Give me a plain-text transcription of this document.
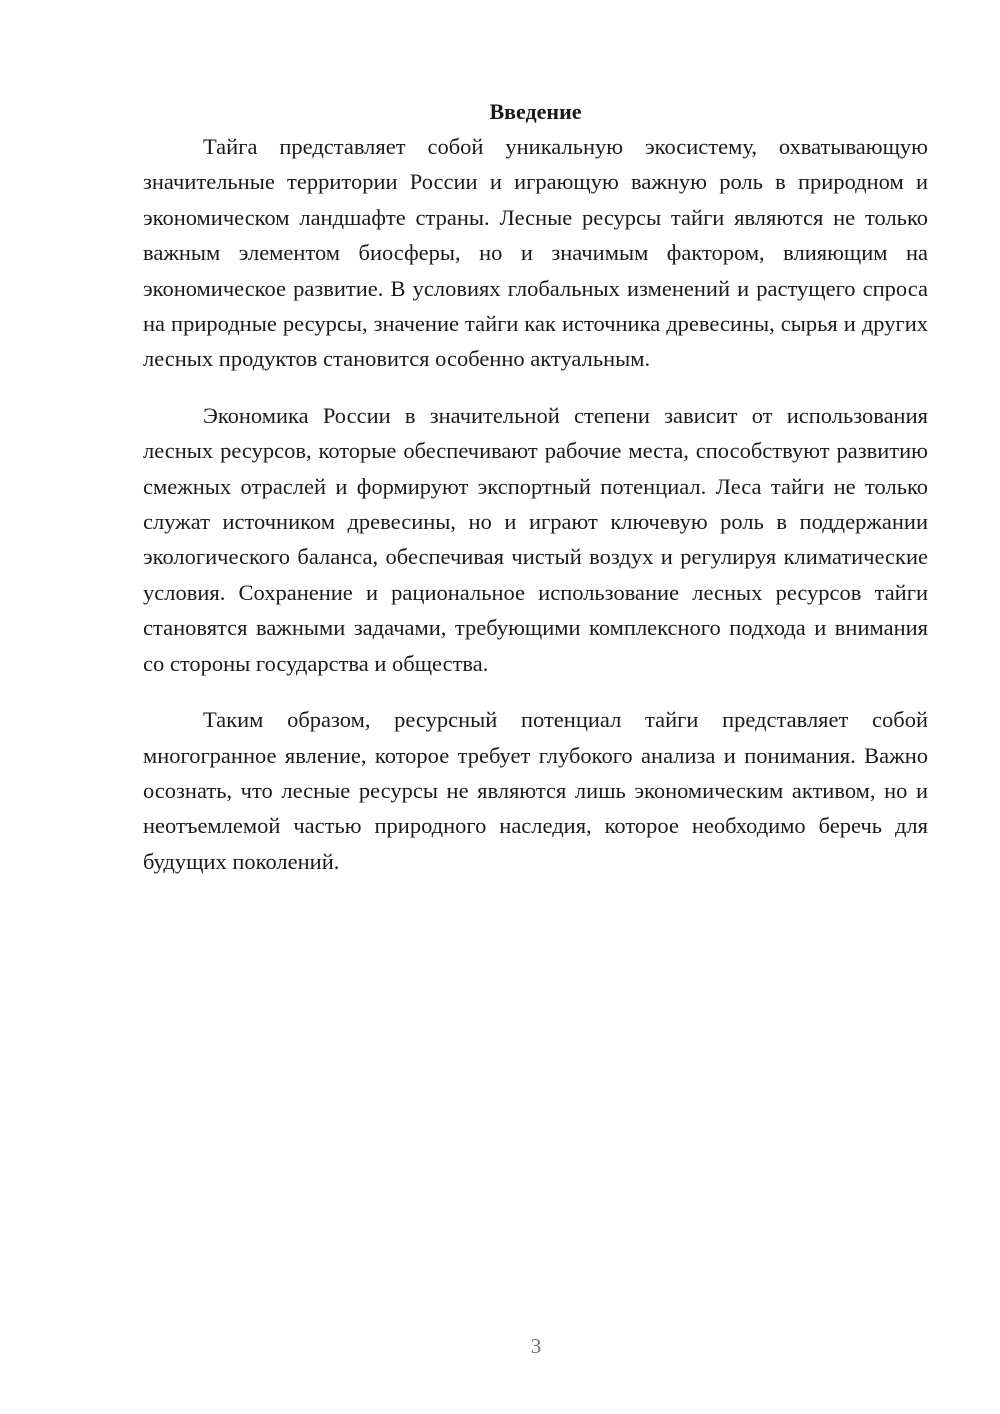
Введение

Тайга представляет собой уникальную экосистему, охватывающую значительные территории России и играющую важную роль в природном и экономическом ландшафте страны. Лесные ресурсы тайги являются не только важным элементом биосферы, но и значимым фактором, влияющим на экономическое развитие. В условиях глобальных изменений и растущего спроса на природные ресурсы, значение тайги как источника древесины, сырья и других лесных продуктов становится особенно актуальным.

Экономика России в значительной степени зависит от использования лесных ресурсов, которые обеспечивают рабочие места, способствуют развитию смежных отраслей и формируют экспортный потенциал. Леса тайги не только служат источником древесины, но и играют ключевую роль в поддержании экологического баланса, обеспечивая чистый воздух и регулируя климатические условия. Сохранение и рациональное использование лесных ресурсов тайги становятся важными задачами, требующими комплексного подхода и внимания со стороны государства и общества.

Таким образом, ресурсный потенциал тайги представляет собой многогранное явление, которое требует глубокого анализа и понимания. Важно осознать, что лесные ресурсы не являются лишь экономическим активом, но и неотъемлемой частью природного наследия, которое необходимо беречь для будущих поколений.

3
